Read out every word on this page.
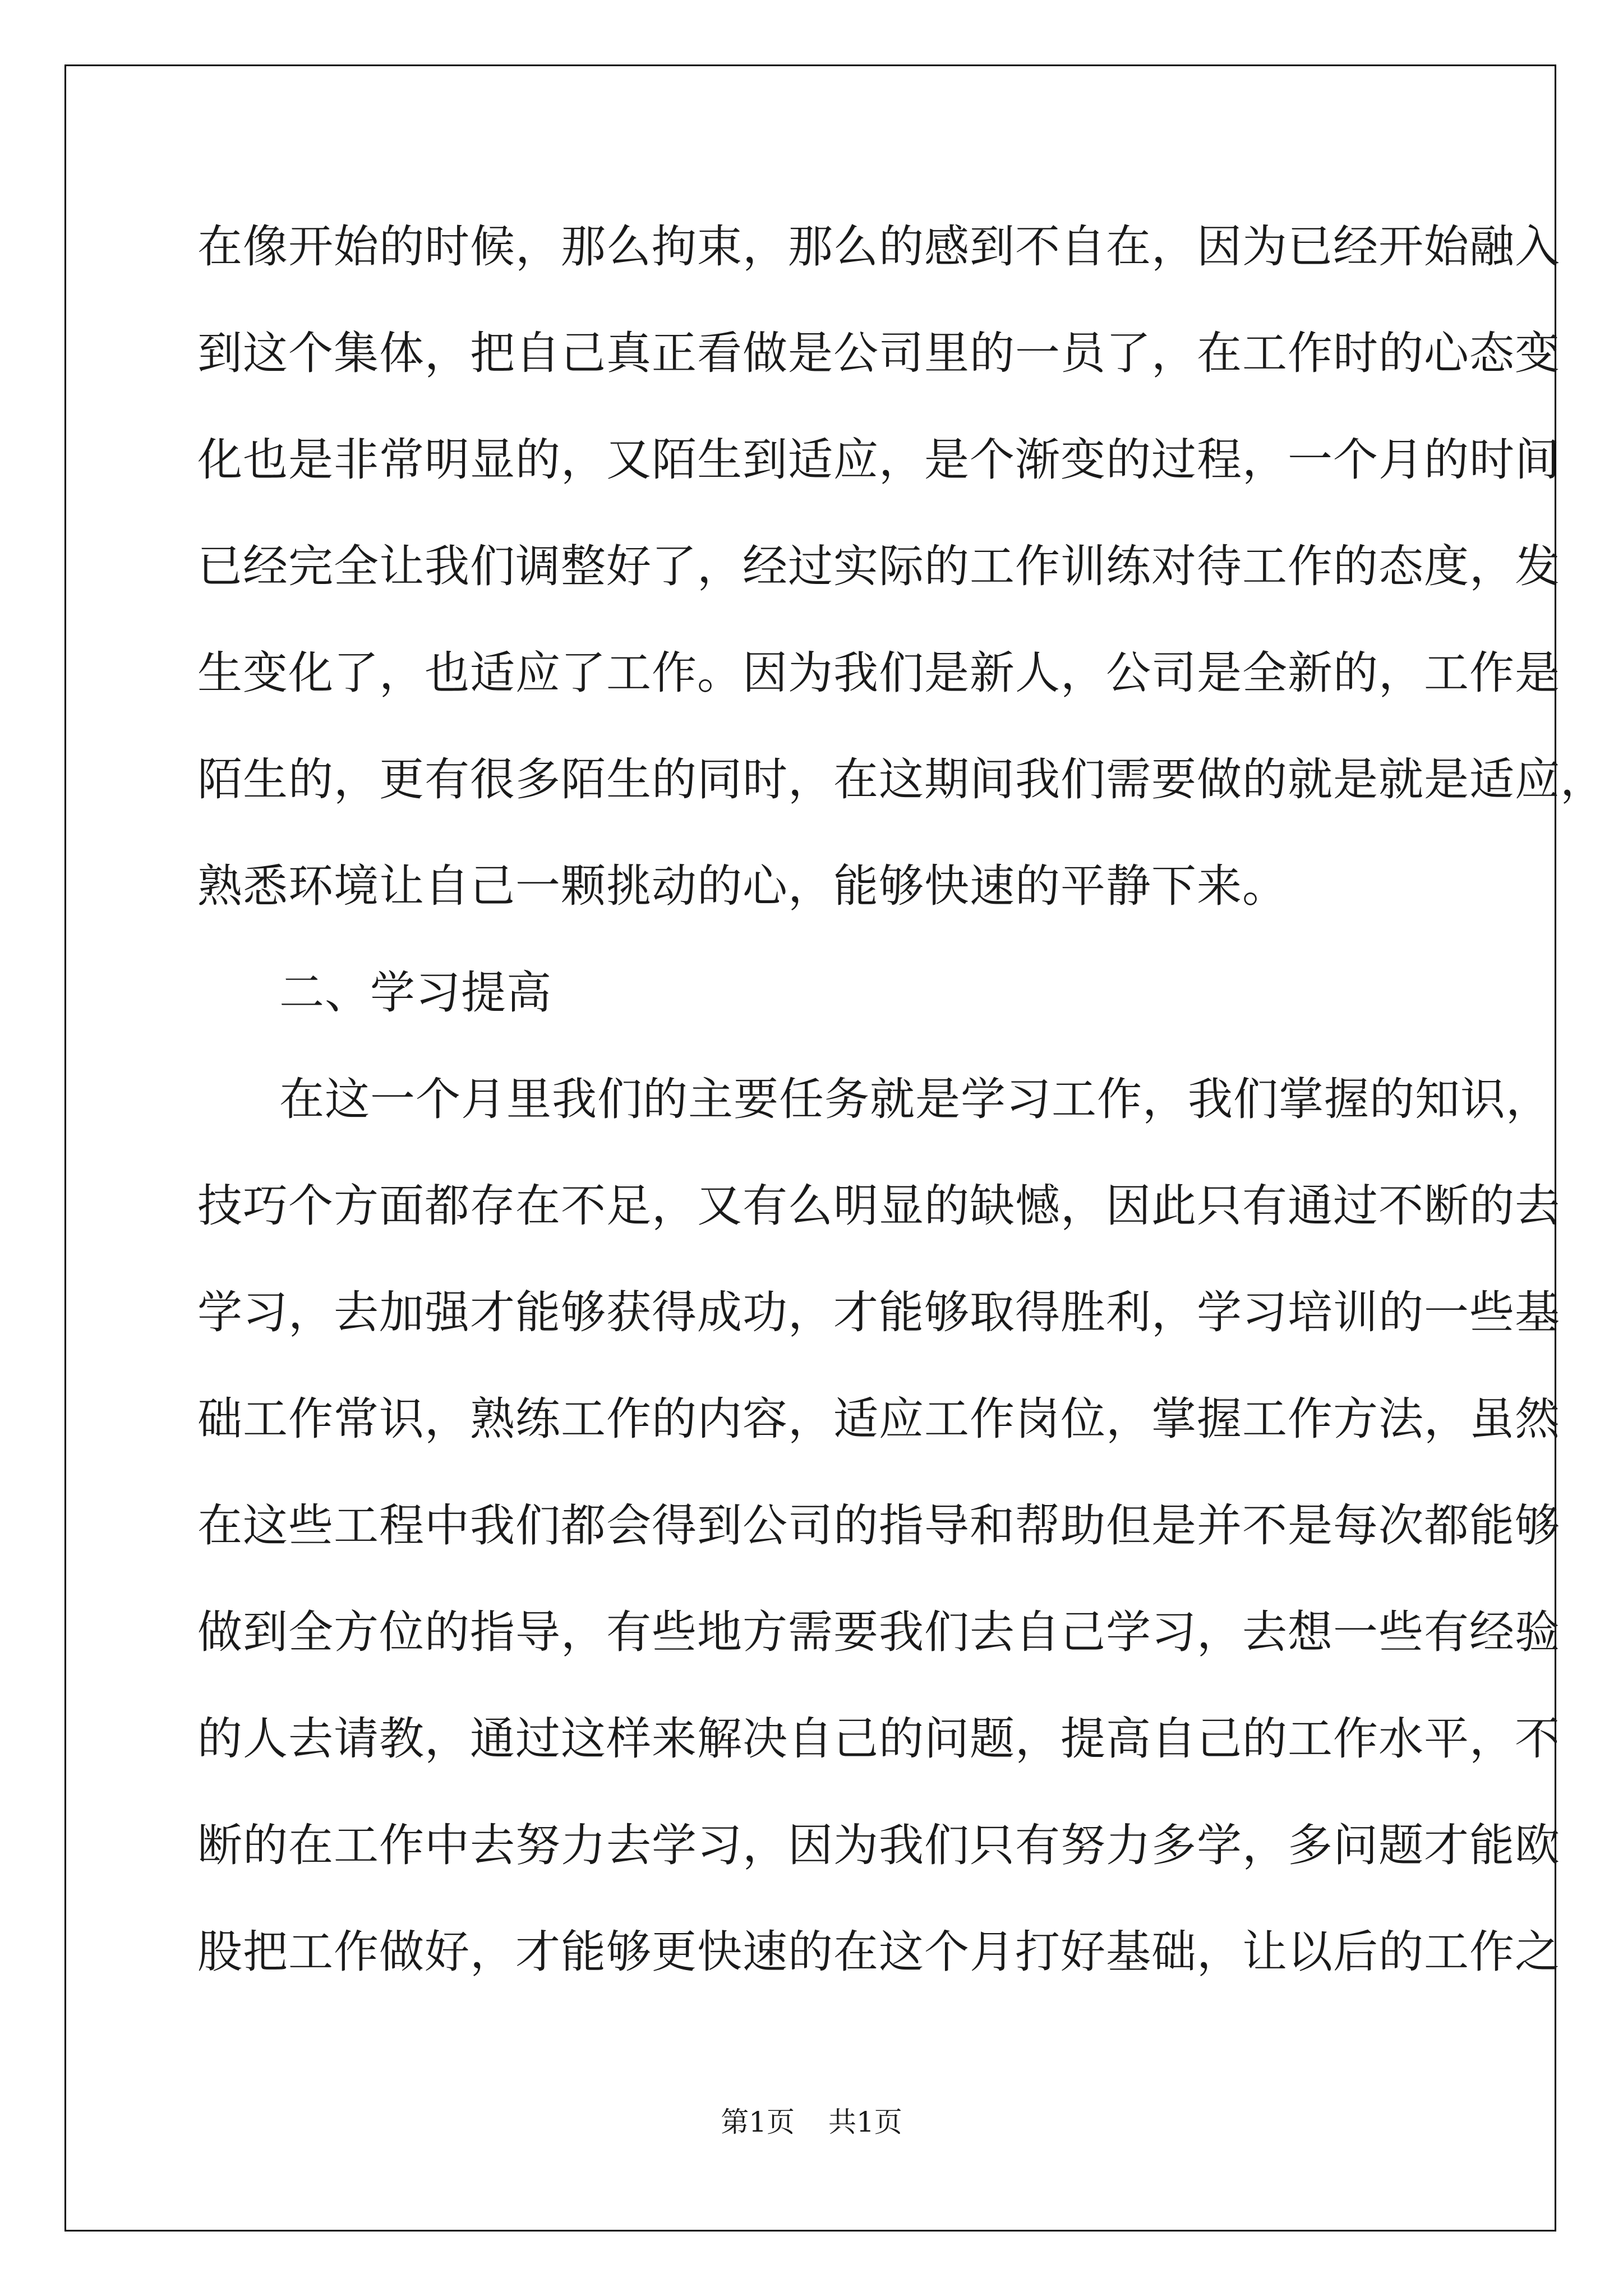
在像开始的时候，那么拘束，那么的感到不自在，因为已经开始融入
到这个集体，把自己真正看做是公司里的一员了，在工作时的心态变
化也是非常明显的，又陌生到适应，是个渐变的过程，一个月的时间
已经完全让我们调整好了，经过实际的工作训练对待工作的态度，发
生变化了，也适应了工作。因为我们是新人，公司是全新的，工作是
陌生的，更有很多陌生的同时，在这期间我们需要做的就是就是适应，
熟悉环境让自己一颗挑动的心，能够快速的平静下来。
二、学习提高
在这一个月里我们的主要任务就是学习工作，我们掌握的知识，
技巧个方面都存在不足，又有么明显的缺憾，因此只有通过不断的去
学习，去加强才能够获得成功，才能够取得胜利，学习培训的一些基
础工作常识，熟练工作的内容，适应工作岗位，掌握工作方法，虽然
在这些工程中我们都会得到公司的指导和帮助但是并不是每次都能够
做到全方位的指导，有些地方需要我们去自己学习，去想一些有经验
的人去请教，通过这样来解决自己的问题，提高自己的工作水平，不
断的在工作中去努力去学习，因为我们只有努力多学，多问题才能欧
股把工作做好，才能够更快速的在这个月打好基础，让以后的工作之
第1页 共1页
